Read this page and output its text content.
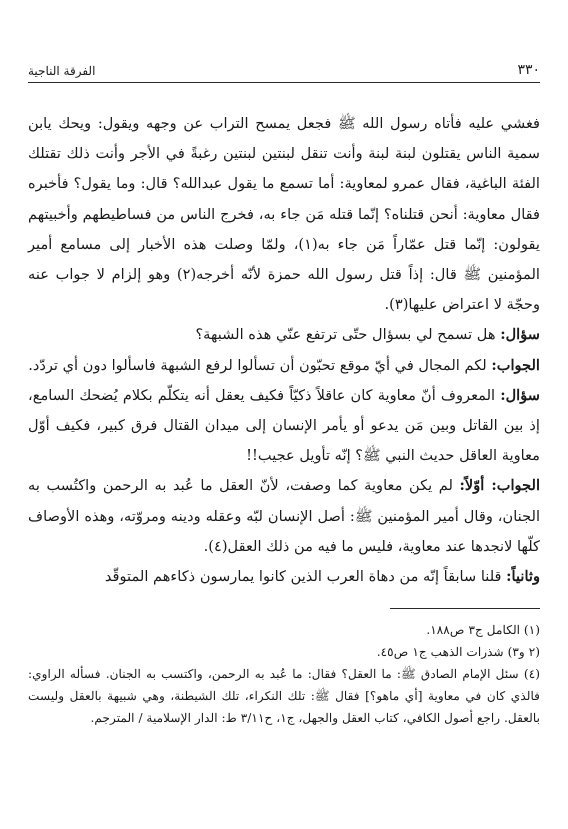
٣٣٠
الفرقة الناجية

فغشي عليه فأتاه رسول الله ﷺ فجعل يمسح التراب عن وجهه ويقول: ويحك يابن سمية الناس يقتلون لبنة لبنة وأنت تنقل لبنتين لبنتين رغبةً في الأجر وأنت ذلك تقتلك الفئة الباغية، فقال عمرو لمعاوية: أما تسمع ما يقول عبدالله؟ قال: وما يقول؟ فأخبره فقال معاوية: أنحن قتلناه؟ إنّما قتله مَن جاء به، فخرج الناس من فساطيطهم وأخبيتهم يقولون: إنّما قتل عمّاراً مَن جاء به(١)، ولمّا وصلت هذه الأخبار إلى مسامع أمير المؤمنين ﷺ قال: إذاً قتل رسول الله حمزة لأنّه أخرجه(٢) وهو إلزام لا جواب عنه وحجّة لا اعتراض عليها(٣).

سؤال: هل تسمح لي بسؤال حتّى ترتفع عنّي هذه الشبهة؟

الجواب: لكم المجال في أيّ موقع تحبّون أن تسألوا لرفع الشبهة فاسألوا دون أي تردّد.

سؤال: المعروف أنّ معاوية كان عاقلاً ذكيّاً فكيف يعقل أنه يتكلّم بكلام يُضحك السامع، إذ بين القاتل وبين مَن يدعو أو يأمر الإنسان إلى ميدان القتال فرق كبير، فكيف أوّل معاوية العاقل حديث النبي ﷺ؟ إنّه تأويل عجيب!!

الجواب: أوّلاً: لم يكن معاوية كما وصفت، لأنّ العقل ما عُبد به الرحمن واكتُسب به الجنان، وقال أمير المؤمنين ﷺ: أصل الإنسان لبّه وعقله ودينه ومروّته، وهذه الأوصاف كلّها لانجدها عند معاوية، فليس ما فيه من ذلك العقل(٤).

وثانياً: قلنا سابقاً إنّه من دهاة العرب الذين كانوا يمارسون ذكاءهم المتوقّد

(١) الكامل ج٣ ص١٨٨.

(٢ و٣) شذرات الذهب ج١ ص٤٥.

(٤) سئل الإمام الصادق ﷺ: ما العقل؟ فقال: ما عُبد به الرحمن، واكتسب به الجنان. فسأله الراوي: فالذي كان في معاوية [أي ماهو؟] فقال ﷺ: تلك النكراء، تلك الشيطنة، وهي شبيهة بالعقل وليست بالعقل. راجع أصول الكافي، كتاب العقل والجهل، ج١، ح٣/١١ ط: الدار الإسلامية / المترجم.
